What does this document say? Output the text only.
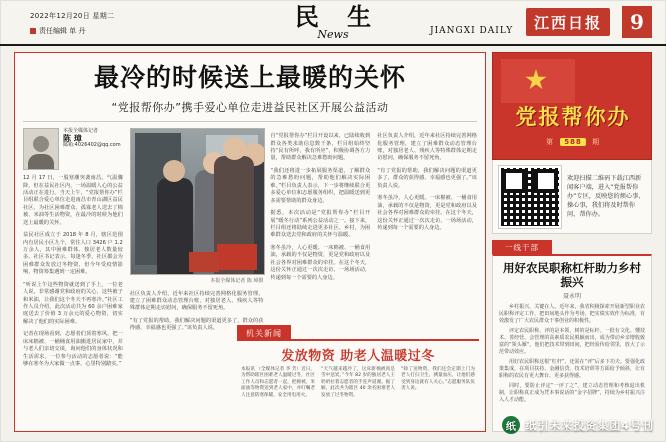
2022年12月20日 星期二
责任编辑 单 丹	民 生
News	JIANGXI DAILY 江西日报	9
最冷的时候送上最暖的关怀
“党报帮你办”携手爱心单位走进益民社区开展公益活动
本报全媒体记者
陈 璋
邮箱:4026402@qq.com

12 月 17 日，一股寒潮突袭南昌，气温骤降，但在益民社区内，一场温暖人心的公益活动正在进行。当天上午，“党报帮你办”栏目组联合爱心单位走进南昌市青山湖区益民社区，为社区困难群众、孤寡老人送去了棉被、米油等生活物资，在最冷的时候为他们送上最暖的关怀。

益民社区成立于 2018 年 8 月，辖区范围内有居民小区九个，常住人口 3426 户 1.2 万余人，其中困难群体、独居老人数量较多。社区书记表示，每逢冬季，社区都会为困难群众发放过冬物资，但今年受疫情影响，物资筹集遇到一定困难。

“听说上午这些物资就送到了手上，一位老人说，非常感谢党和政府的关心，这些被子和米油，让我们这个冬天不再寒冷。”社区工作人员介绍，此次活动共为 60 余户困难家庭送去了价值 3 万余元的爱心物资，切实解决了他们的实际困难。

记者在现场看到，志愿者们顶着寒风，把一床床棉被、一桶桶食用油搬进居民家中，并与老人们亲切交谈，询问他们的身体状况和生活需求。一位参与活动的志愿者说：“能够在寒冬为大家做一点事，心里特别踏实。”

本报全媒体记者 陈 璋摄

社区负责人介绍，近年来社区持续完善网格化服务管理，建立了困难群众动态管理台账，对独居老人、残疾人等特殊群体定期走访慰问，确保服务不留死角。

“有了党报的帮助，我们解决问题的渠道更多了，群众的获得感、幸福感也更强了。”该负责人说。

自“党报帮你办”栏目开设以来，已陆续收到群众各类求助信息数千条，栏目组始终坚持“民有所呼、我有所应”，积极协调各方力量，帮助群众解决急难愁盼问题。

“我们还将进一步拓展服务渠道，了解群众的急难愁盼问题，帮助他们解决实际困难。”栏目负责人表示，下一步将继续联合更多爱心单位和志愿服务组织，把温暖送到更多需要帮助的群众身边。

据悉，本次活动是“党报帮你办”栏目开展“暖冬行动”系列公益活动之一。接下来，栏目组还将陆续走进更多社区、乡村，为困难群众送去党和政府的关怀与温暖。

寒冬虽冷，人心更暖。一床棉被、一桶食用油，承载的不仅是物资，更是党和政府以及社会各界对困难群众的牵挂。在这个冬天，这份关怀正通过一次次走访、一场场活动，传递到每一个需要的人身边。

社区负责人介绍，近年来社区持续完善网格化服务管理，建立了困难群众动态管理台账，对独居老人、残疾人等特殊群体定期走访慰问，确保服务不留死角。

“有了党报的帮助，我们解决问题的渠道更多了，群众的获得感、幸福感也更强了。”该负责人说。

寒冬虽冷，人心更暖。一床棉被、一桶食用油，承载的不仅是物资，更是党和政府以及社会各界对困难群众的牵挂。在这个冬天，这份关怀正通过一次次走访、一场场活动，传递到每一个需要的人身边。

机关新闻
发放物资 助老人温暖过冬
本报讯 （全媒体记者 李 芳）近日，为帮助辖区困难老人温暖过冬，社区工作人员和志愿者一起，把棉被、米面油等物资送到老人家中，并叮嘱老人注意防寒保暖、安全用电用火。
“天气越来越冷了，这床新棉被真是雪中送炭。”今年 82 岁的独居老人王奶奶拉着志愿者的手连声道谢。据了解，此次共为辖区 40 余名困难老人发放了过冬物资。
“除了送物资，我们还会定期上门为老人打扫卫生、测量血压，让他们感受到身边就有人关心。”志愿服务队负责人说。
党报帮你办
第 588 期
欢迎扫描二维码下载江西新闻客户端，进入“党报帮你办”专区，反映您的烦心事、操心事，我们将及时帮你问、帮你办。
一线干部
用好农民职称杠杆助力乡村振兴
聂永明

乡村振兴，关键在人。近年来，我省积极探索开展新型职业农民职称评定工作，把田间地头作为考场，把实绩实效作为标准，有效激发了广大农民群众干事创业的积极性。

评定农民职称，评的是本领，树的是标杆。一批有文化、懂技术、善经营、会管理的高素质农民脱颖而出，成为带动乡亲增收致富的“领头雁”。他们把技术带到田间，把经验传给邻里，放大了示范带动效应。

用好农民职称这根“杠杆”，还需在“评”后多下功夫。要强化政策集成，在项目扶持、金融信贷、技术培训等方面给予倾斜，让有职称的农民有更大舞台、更多获得感。

同时，要防止评定“一评了之”，建立动态管理和考核退出机制，让职称真正成为凭本事说话的“金字招牌”，持续为乡村振兴注入人才动能。

纸 纸引未来投资集团4号刊
